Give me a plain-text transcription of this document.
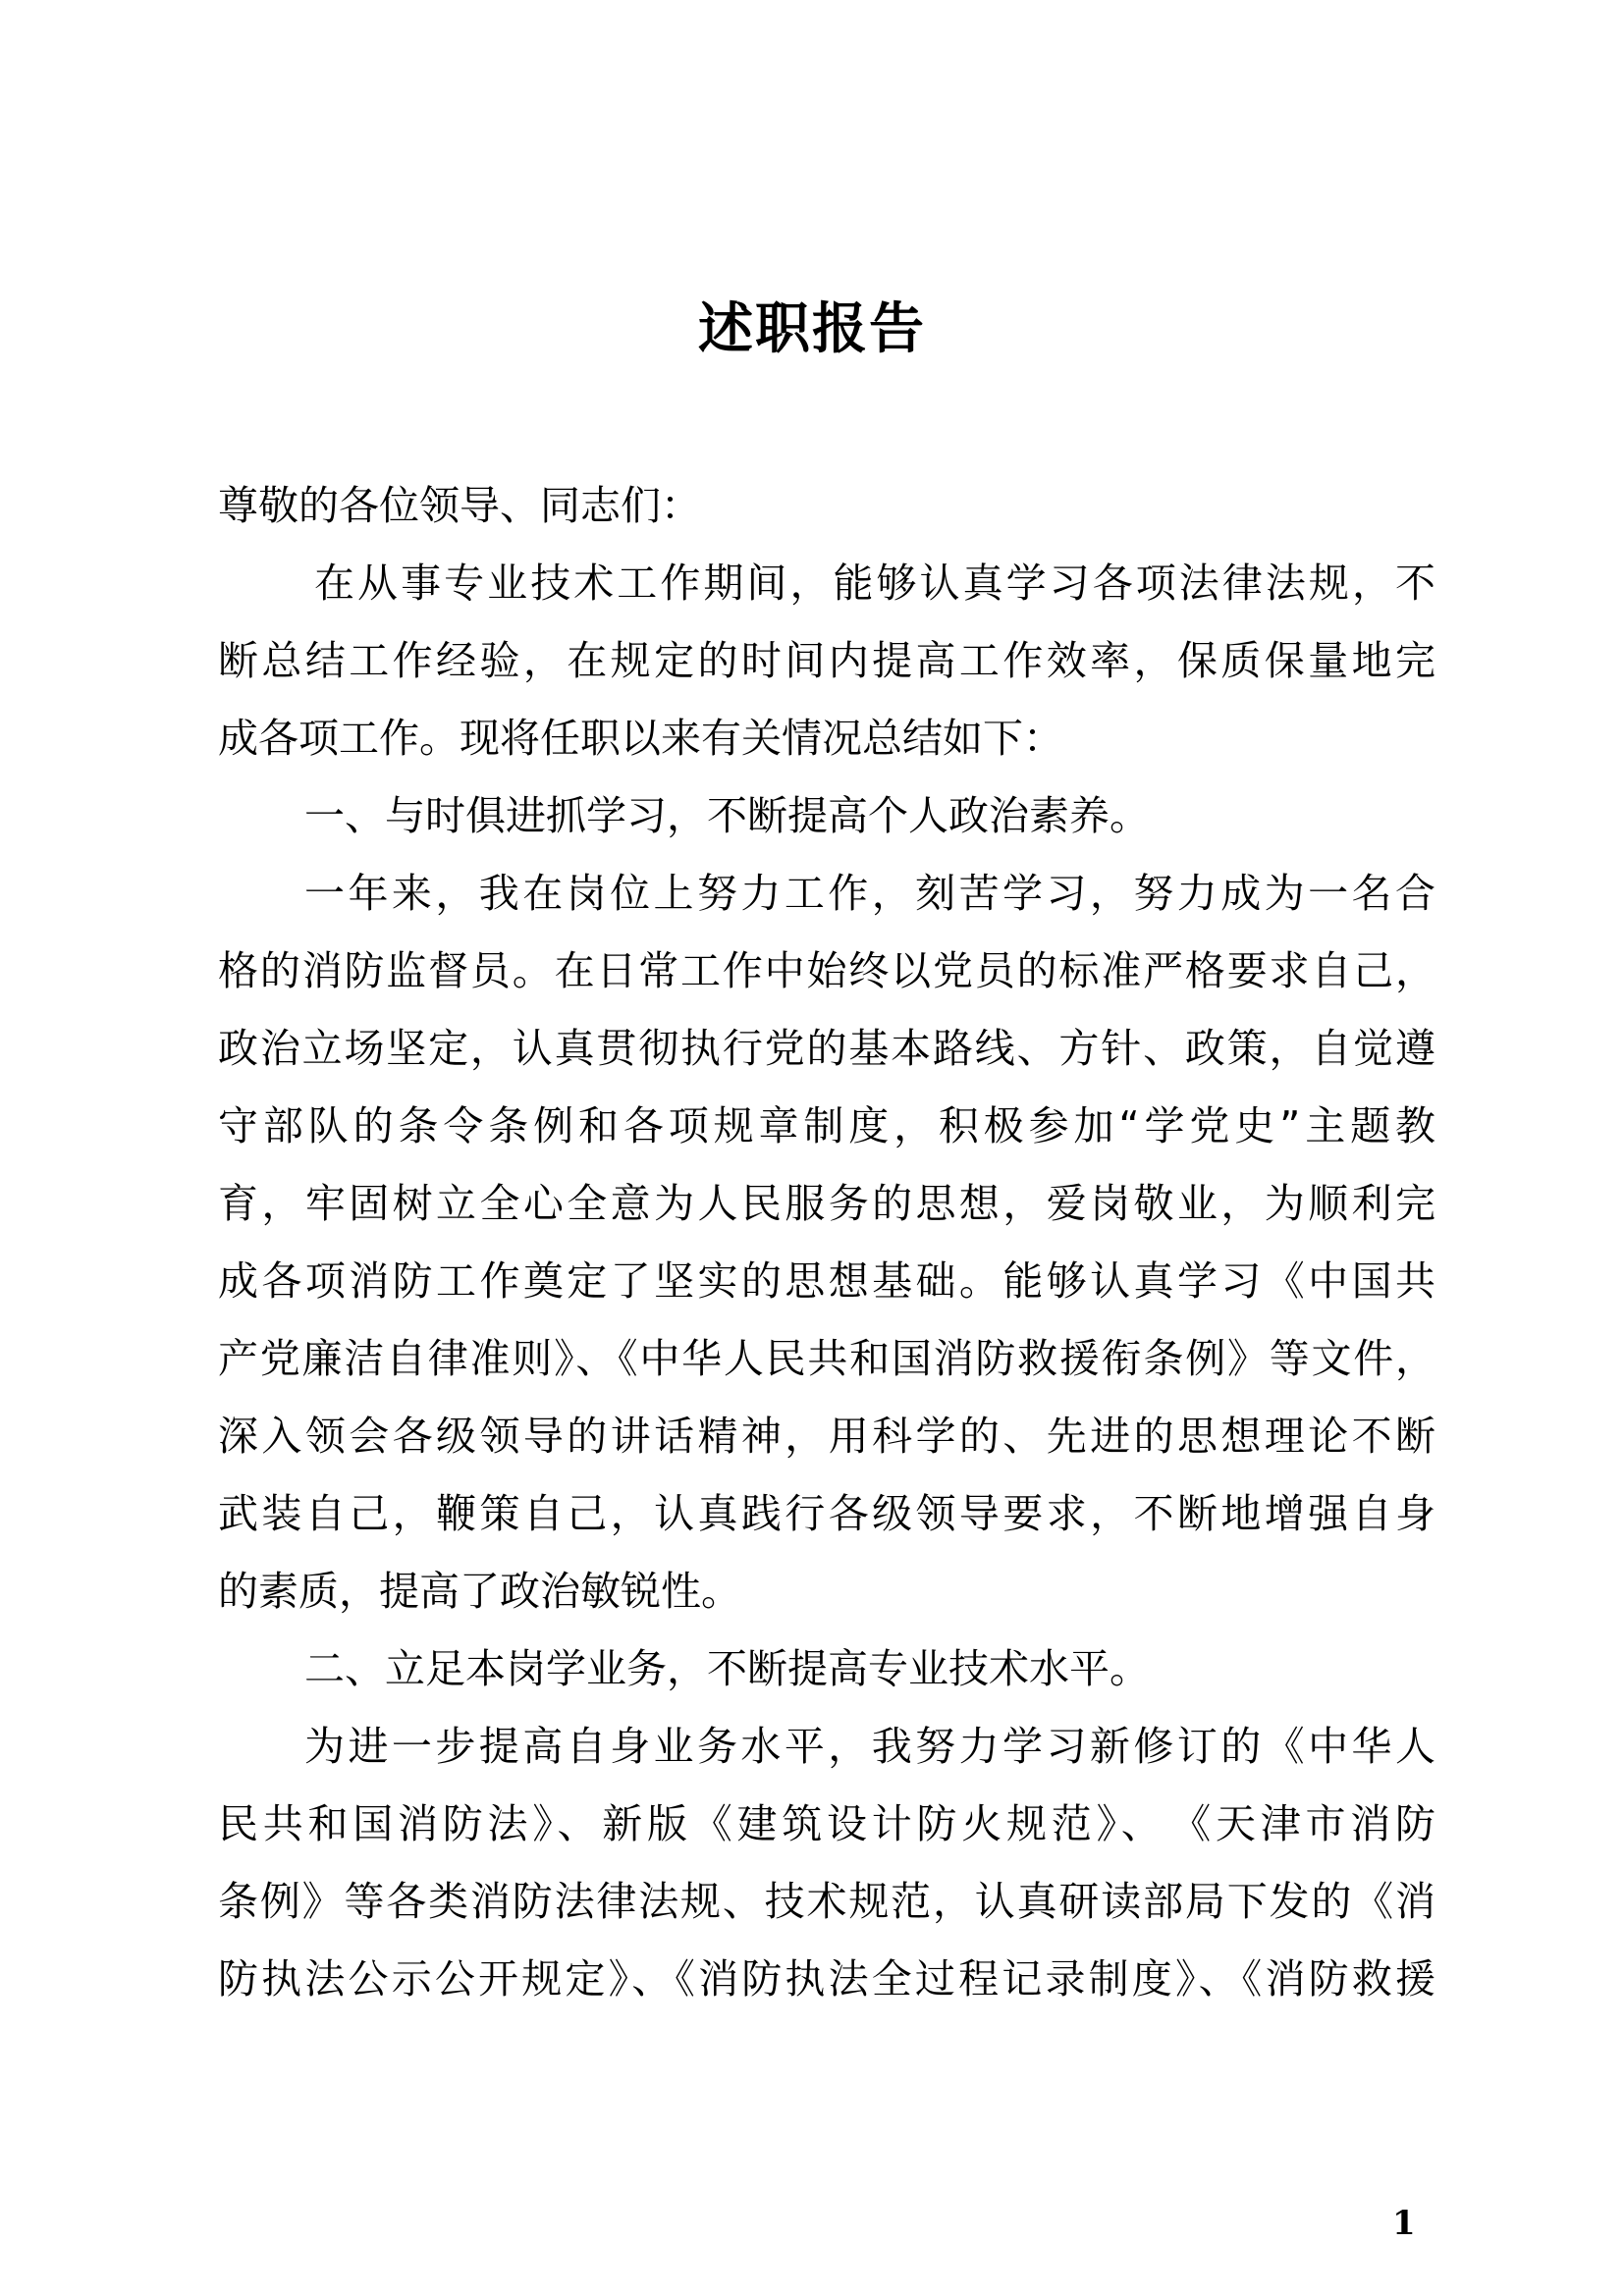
述职报告
尊敬的各位领导、同志们：
在从事专业技术工作期间，能够认真学习各项法律法规，不
断总结工作经验，在规定的时间内提高工作效率，保质保量地完
成各项工作。现将任职以来有关情况总结如下：
一、与时俱进抓学习，不断提高个人政治素养。
一年来，我在岗位上努力工作，刻苦学习，努力成为一名合
格的消防监督员。在日常工作中始终以党员的标准严格要求自己，
政治立场坚定，认真贯彻执行党的基本路线、方针、政策，自觉遵
守部队的条令条例和各项规章制度，积极参加“学党史”主题教
育，牢固树立全心全意为人民服务的思想，爱岗敬业，为顺利完
成各项消防工作奠定了坚实的思想基础。能够认真学习《中国共
产党廉洁自律准则》、《中华人民共和国消防救援衔条例》等文件，
深入领会各级领导的讲话精神，用科学的、先进的思想理论不断
武装自己，鞭策自己，认真践行各级领导要求，不断地增强自身
的素质，提高了政治敏锐性。
二、立足本岗学业务，不断提高专业技术水平。
为进一步提高自身业务水平，我努力学习新修订的《中华人
民共和国消防法》、新版《建筑设计防火规范》、　《天津市消防
条例》等各类消防法律法规、技术规范，认真研读部局下发的《消
防执法公示公开规定》、《消防执法全过程记录制度》、《消防救援
1
